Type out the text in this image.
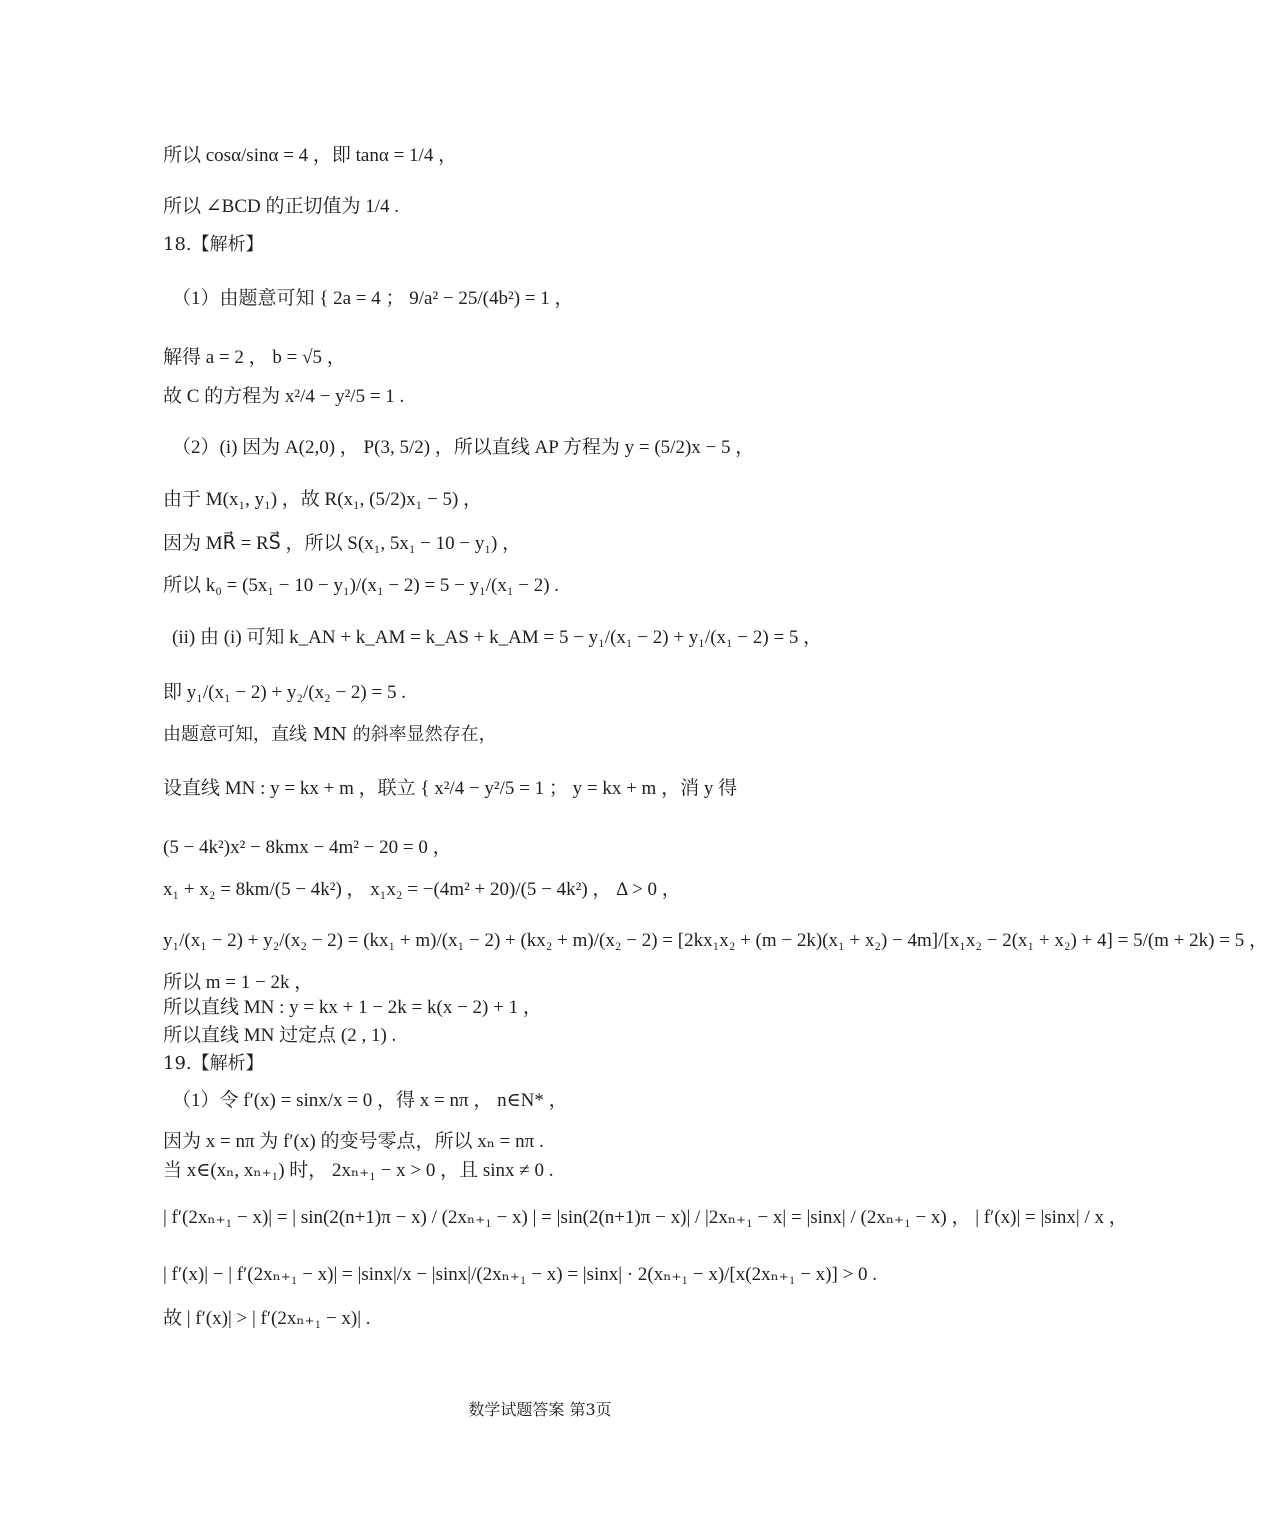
所以 cosα/sinα = 4 ，即 tanα = 1/4 ，
所以 ∠BCD 的正切值为 1/4 .
18.【解析】
（1）由题意可知 { 2a = 4 ； 9/a² − 25/(4b²) = 1 ，
解得 a = 2 ， b = √5 ，
故 C 的方程为 x²/4 − y²/5 = 1 .
（2）(i) 因为 A(2,0) ， P(3, 5/2) ，所以直线 AP 方程为 y = (5/2)x − 5 ，
由于 M(x₁, y₁) ，故 R(x₁, (5/2)x₁ − 5) ，
因为 MR⃗ = RS⃗ ，所以 S(x₁, 5x₁ − 10 − y₁) ，
所以 k₀ = (5x₁ − 10 − y₁)/(x₁ − 2) = 5 − y₁/(x₁ − 2) .
(ii) 由 (i) 可知 k_AN + k_AM = k_AS + k_AM = 5 − y₁/(x₁ − 2) + y₁/(x₁ − 2) = 5 ，
即 y₁/(x₁ − 2) + y₂/(x₂ − 2) = 5 .
由题意可知，直线 MN 的斜率显然存在，
设直线 MN : y = kx + m ，联立 { x²/4 − y²/5 = 1 ； y = kx + m ，消 y 得
(5 − 4k²)x² − 8kmx − 4m² − 20 = 0 ，
x₁ + x₂ = 8km/(5 − 4k²) ， x₁x₂ = −(4m² + 20)/(5 − 4k²) ， Δ > 0 ，
y₁/(x₁ − 2) + y₂/(x₂ − 2) = (kx₁ + m)/(x₁ − 2) + (kx₂ + m)/(x₂ − 2) = [2kx₁x₂ + (m − 2k)(x₁ + x₂) − 4m]/[x₁x₂ − 2(x₁ + x₂) + 4] = 5/(m + 2k) = 5 ，
所以 m = 1 − 2k ，
所以直线 MN : y = kx + 1 − 2k = k(x − 2) + 1 ，
所以直线 MN 过定点 (2 , 1) .
19.【解析】
（1）令 f′(x) = sinx/x = 0 ，得 x = nπ ， n∈N* ，
因为 x = nπ 为 f′(x) 的变号零点，所以 xₙ = nπ .
当 x∈(xₙ, xₙ₊₁) 时， 2xₙ₊₁ − x > 0 ，且 sinx ≠ 0 .
| f′(2xₙ₊₁ − x)| = | sin(2(n+1)π − x) / (2xₙ₊₁ − x) | = |sin(2(n+1)π − x)| / |2xₙ₊₁ − x| = |sinx| / (2xₙ₊₁ − x) ， | f′(x)| = |sinx| / x ，
| f′(x)| − | f′(2xₙ₊₁ − x)| = |sinx|/x − |sinx|/(2xₙ₊₁ − x) = |sinx| · 2(xₙ₊₁ − x)/[x(2xₙ₊₁ − x)] > 0 .
故 | f′(x)| > | f′(2xₙ₊₁ − x)| .
数学试题答案 第3页
